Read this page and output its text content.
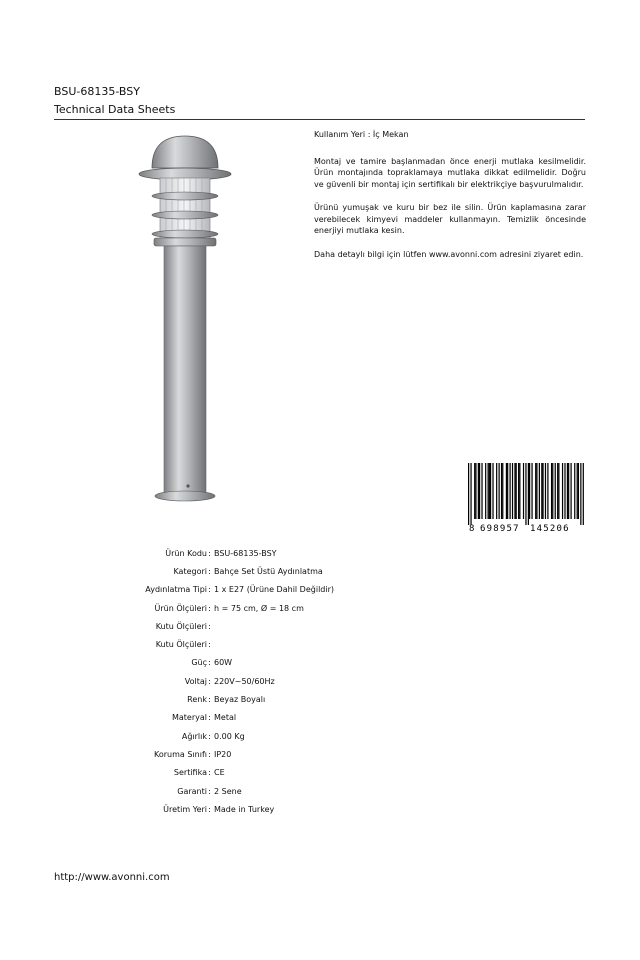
BSU-68135-BSY
Technical Data Sheets

Kullanım Yeri : İç Mekan

Montaj ve tamire başlanmadan önce enerji mutlaka kesilmelidir. Ürün montajında topraklamaya mutlaka dikkat edilmelidir. Doğru ve güvenli bir montaj için sertifikalı bir elektrikçiye başvurulmalıdır.

Ürünü yumuşak ve kuru bir bez ile silin. Ürün kaplamasına zarar verebilecek kimyevi maddeler kullanmayın. Temizlik öncesinde enerjiyi mutlaka kesin.

Daha detaylı bilgi için lütfen www.avonni.com adresini ziyaret edin.

8 698957 145206
Ürün Kodu : BSU-68135-BSY
Kategori : Bahçe Set Üstü Aydınlatma
Aydınlatma Tipi : 1 x E27 (Ürüne Dahil Değildir)
Ürün Ölçüleri : h = 75 cm, Ø = 18 cm
Kutu Ölçüleri :
Kutu Ölçüleri :
Güç : 60W
Voltaj : 220V~50/60Hz
Renk : Beyaz Boyalı
Materyal : Metal
Ağırlık : 0.00 Kg
Koruma Sınıfı : IP20
Sertifika : CE
Garanti : 2 Sene
Üretim Yeri : Made in Turkey
http://www.avonni.com
